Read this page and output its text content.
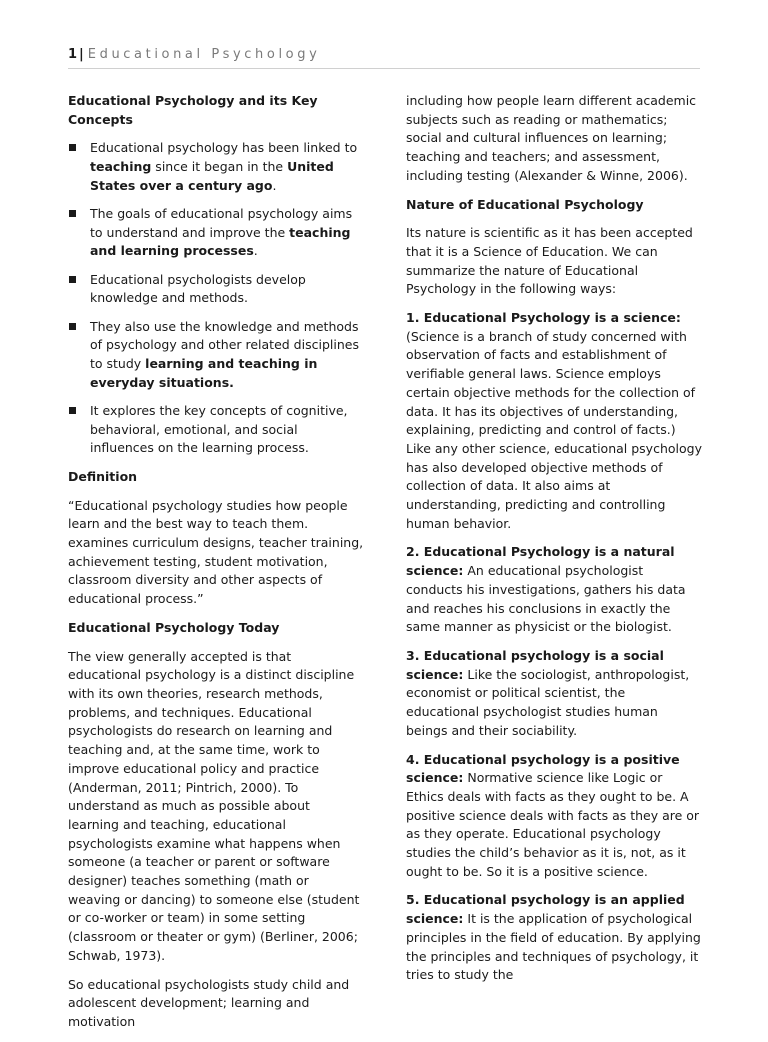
1 | Educational Psychology
Educational Psychology and its Key Concepts
Educational psychology has been linked to teaching since it began in the United States over a century ago.
The goals of educational psychology aims to understand and improve the teaching and learning processes.
Educational psychologists develop knowledge and methods.
They also use the knowledge and methods of psychology and other related disciplines to study learning and teaching in everyday situations.
It explores the key concepts of cognitive, behavioral, emotional, and social influences on the learning process.
Definition

“Educational psychology studies how people learn and the best way to teach them. examines curriculum designs, teacher training, achievement testing, student motivation, classroom diversity and other aspects of educational process.”

Educational Psychology Today

The view generally accepted is that educational psychology is a distinct discipline with its own theories, research methods, problems, and techniques. Educational psychologists do research on learning and teaching and, at the same time, work to improve educational policy and practice (Anderman, 2011; Pintrich, 2000). To understand as much as possible about learning and teaching, educational psychologists examine what happens when someone (a teacher or parent or software designer) teaches something (math or weaving or dancing) to someone else (student or co-worker or team) in some setting (classroom or theater or gym) (Berliner, 2006; Schwab, 1973).

So educational psychologists study child and adolescent development; learning and motivation

including how people learn different academic subjects such as reading or mathematics; social and cultural influences on learning; teaching and teachers; and assessment, including testing (Alexander & Winne, 2006).

Nature of Educational Psychology

Its nature is scientific as it has been accepted that it is a Science of Education. We can summarize the nature of Educational Psychology in the following ways:

1. Educational Psychology is a science: (Science is a branch of study concerned with observation of facts and establishment of verifiable general laws. Science employs certain objective methods for the collection of data. It has its objectives of understanding, explaining, predicting and control of facts.) Like any other science, educational psychology has also developed objective methods of collection of data. It also aims at understanding, predicting and controlling human behavior.

2. Educational Psychology is a natural science: An educational psychologist conducts his investigations, gathers his data and reaches his conclusions in exactly the same manner as physicist or the biologist.

3. Educational psychology is a social science: Like the sociologist, anthropologist, economist or political scientist, the educational psychologist studies human beings and their sociability.

4. Educational psychology is a positive science: Normative science like Logic or Ethics deals with facts as they ought to be. A positive science deals with facts as they are or as they operate. Educational psychology studies the child’s behavior as it is, not, as it ought to be. So it is a positive science.

5. Educational psychology is an applied science: It is the application of psychological principles in the field of education. By applying the principles and techniques of psychology, it tries to study the
